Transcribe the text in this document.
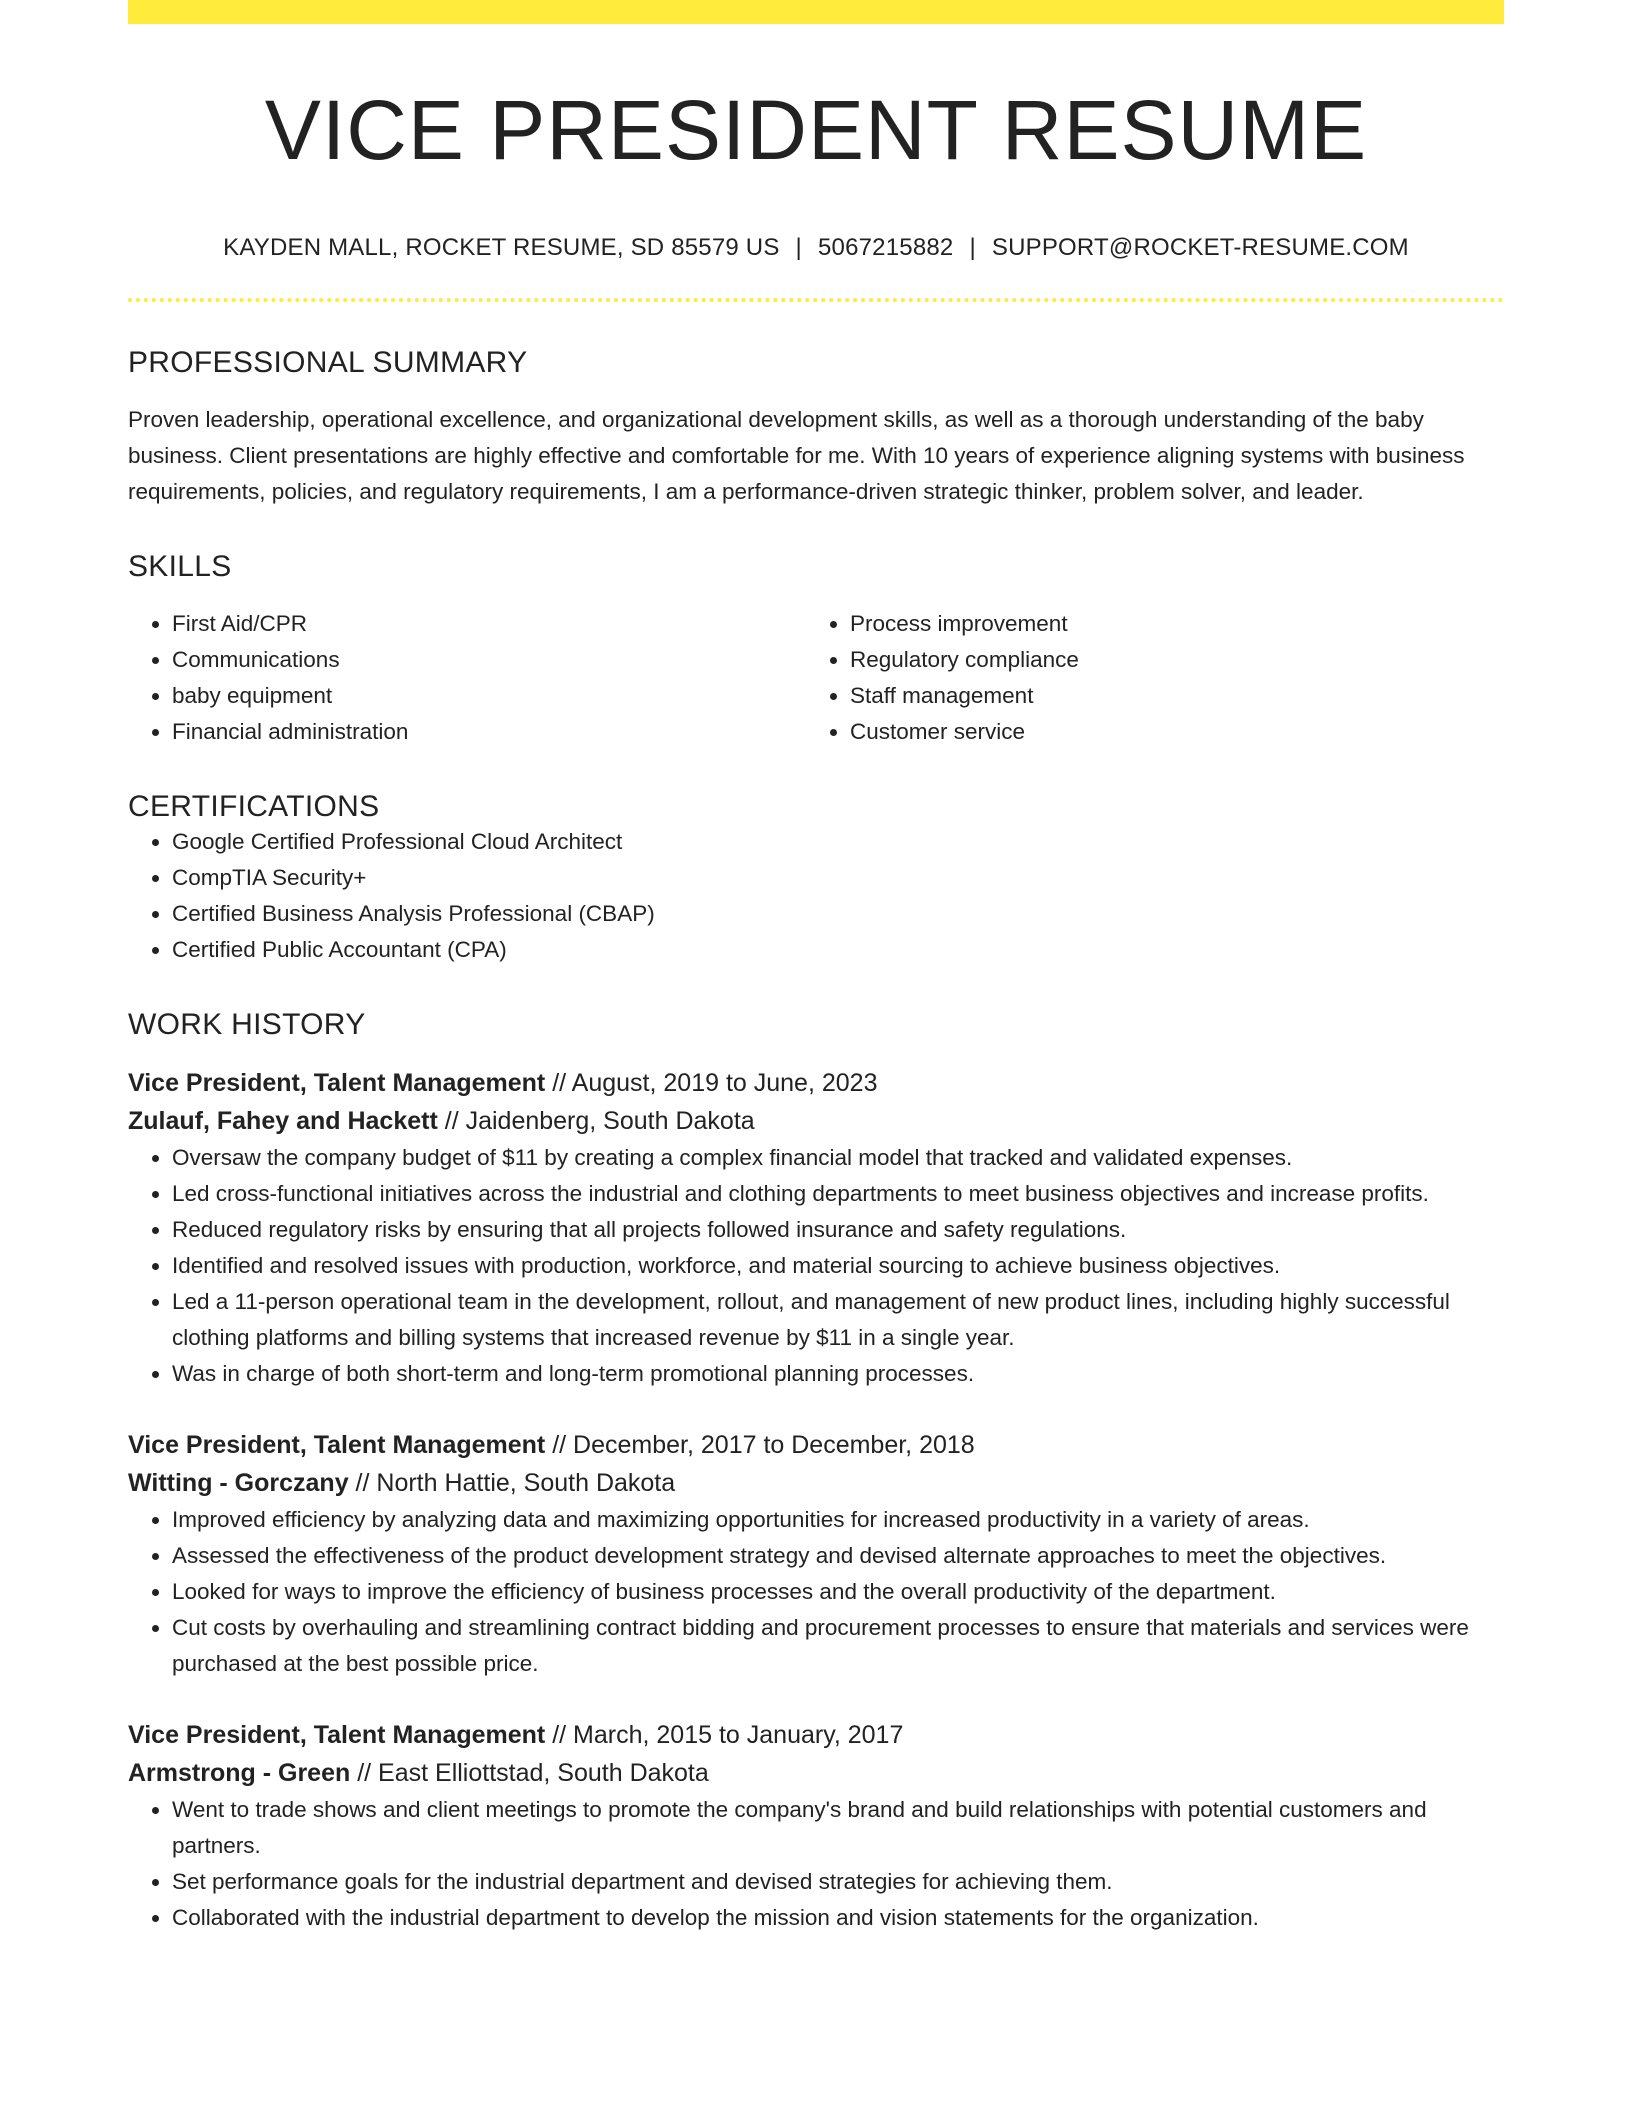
VICE PRESIDENT RESUME
KAYDEN MALL, ROCKET RESUME, SD 85579 US | 5067215882 | SUPPORT@ROCKET-RESUME.COM
PROFESSIONAL SUMMARY

Proven leadership, operational excellence, and organizational development skills, as well as a thorough understanding of the baby business. Client presentations are highly effective and comfortable for me. With 10 years of experience aligning systems with business requirements, policies, and regulatory requirements, I am a performance-driven strategic thinker, problem solver, and leader.

SKILLS
• First Aid/CPR
• Communications
• baby equipment
• Financial administration
• Process improvement
• Regulatory compliance
• Staff management
• Customer service
CERTIFICATIONS
• Google Certified Professional Cloud Architect
• CompTIA Security+
• Certified Business Analysis Professional (CBAP)
• Certified Public Accountant (CPA)
WORK HISTORY
Vice President, Talent Management // August, 2019 to June, 2023
Zulauf, Fahey and Hackett // Jaidenberg, South Dakota
• Oversaw the company budget of $11 by creating a complex financial model that tracked and validated expenses.
• Led cross-functional initiatives across the industrial and clothing departments to meet business objectives and increase profits.
• Reduced regulatory risks by ensuring that all projects followed insurance and safety regulations.
• Identified and resolved issues with production, workforce, and material sourcing to achieve business objectives.
• Led a 11-person operational team in the development, rollout, and management of new product lines, including highly successful clothing platforms and billing systems that increased revenue by $11 in a single year.
• Was in charge of both short-term and long-term promotional planning processes.
Vice President, Talent Management // December, 2017 to December, 2018
Witting - Gorczany // North Hattie, South Dakota
• Improved efficiency by analyzing data and maximizing opportunities for increased productivity in a variety of areas.
• Assessed the effectiveness of the product development strategy and devised alternate approaches to meet the objectives.
• Looked for ways to improve the efficiency of business processes and the overall productivity of the department.
• Cut costs by overhauling and streamlining contract bidding and procurement processes to ensure that materials and services were purchased at the best possible price.
Vice President, Talent Management // March, 2015 to January, 2017
Armstrong - Green // East Elliottstad, South Dakota
• Went to trade shows and client meetings to promote the company's brand and build relationships with potential customers and partners.
• Set performance goals for the industrial department and devised strategies for achieving them.
• Collaborated with the industrial department to develop the mission and vision statements for the organization.
